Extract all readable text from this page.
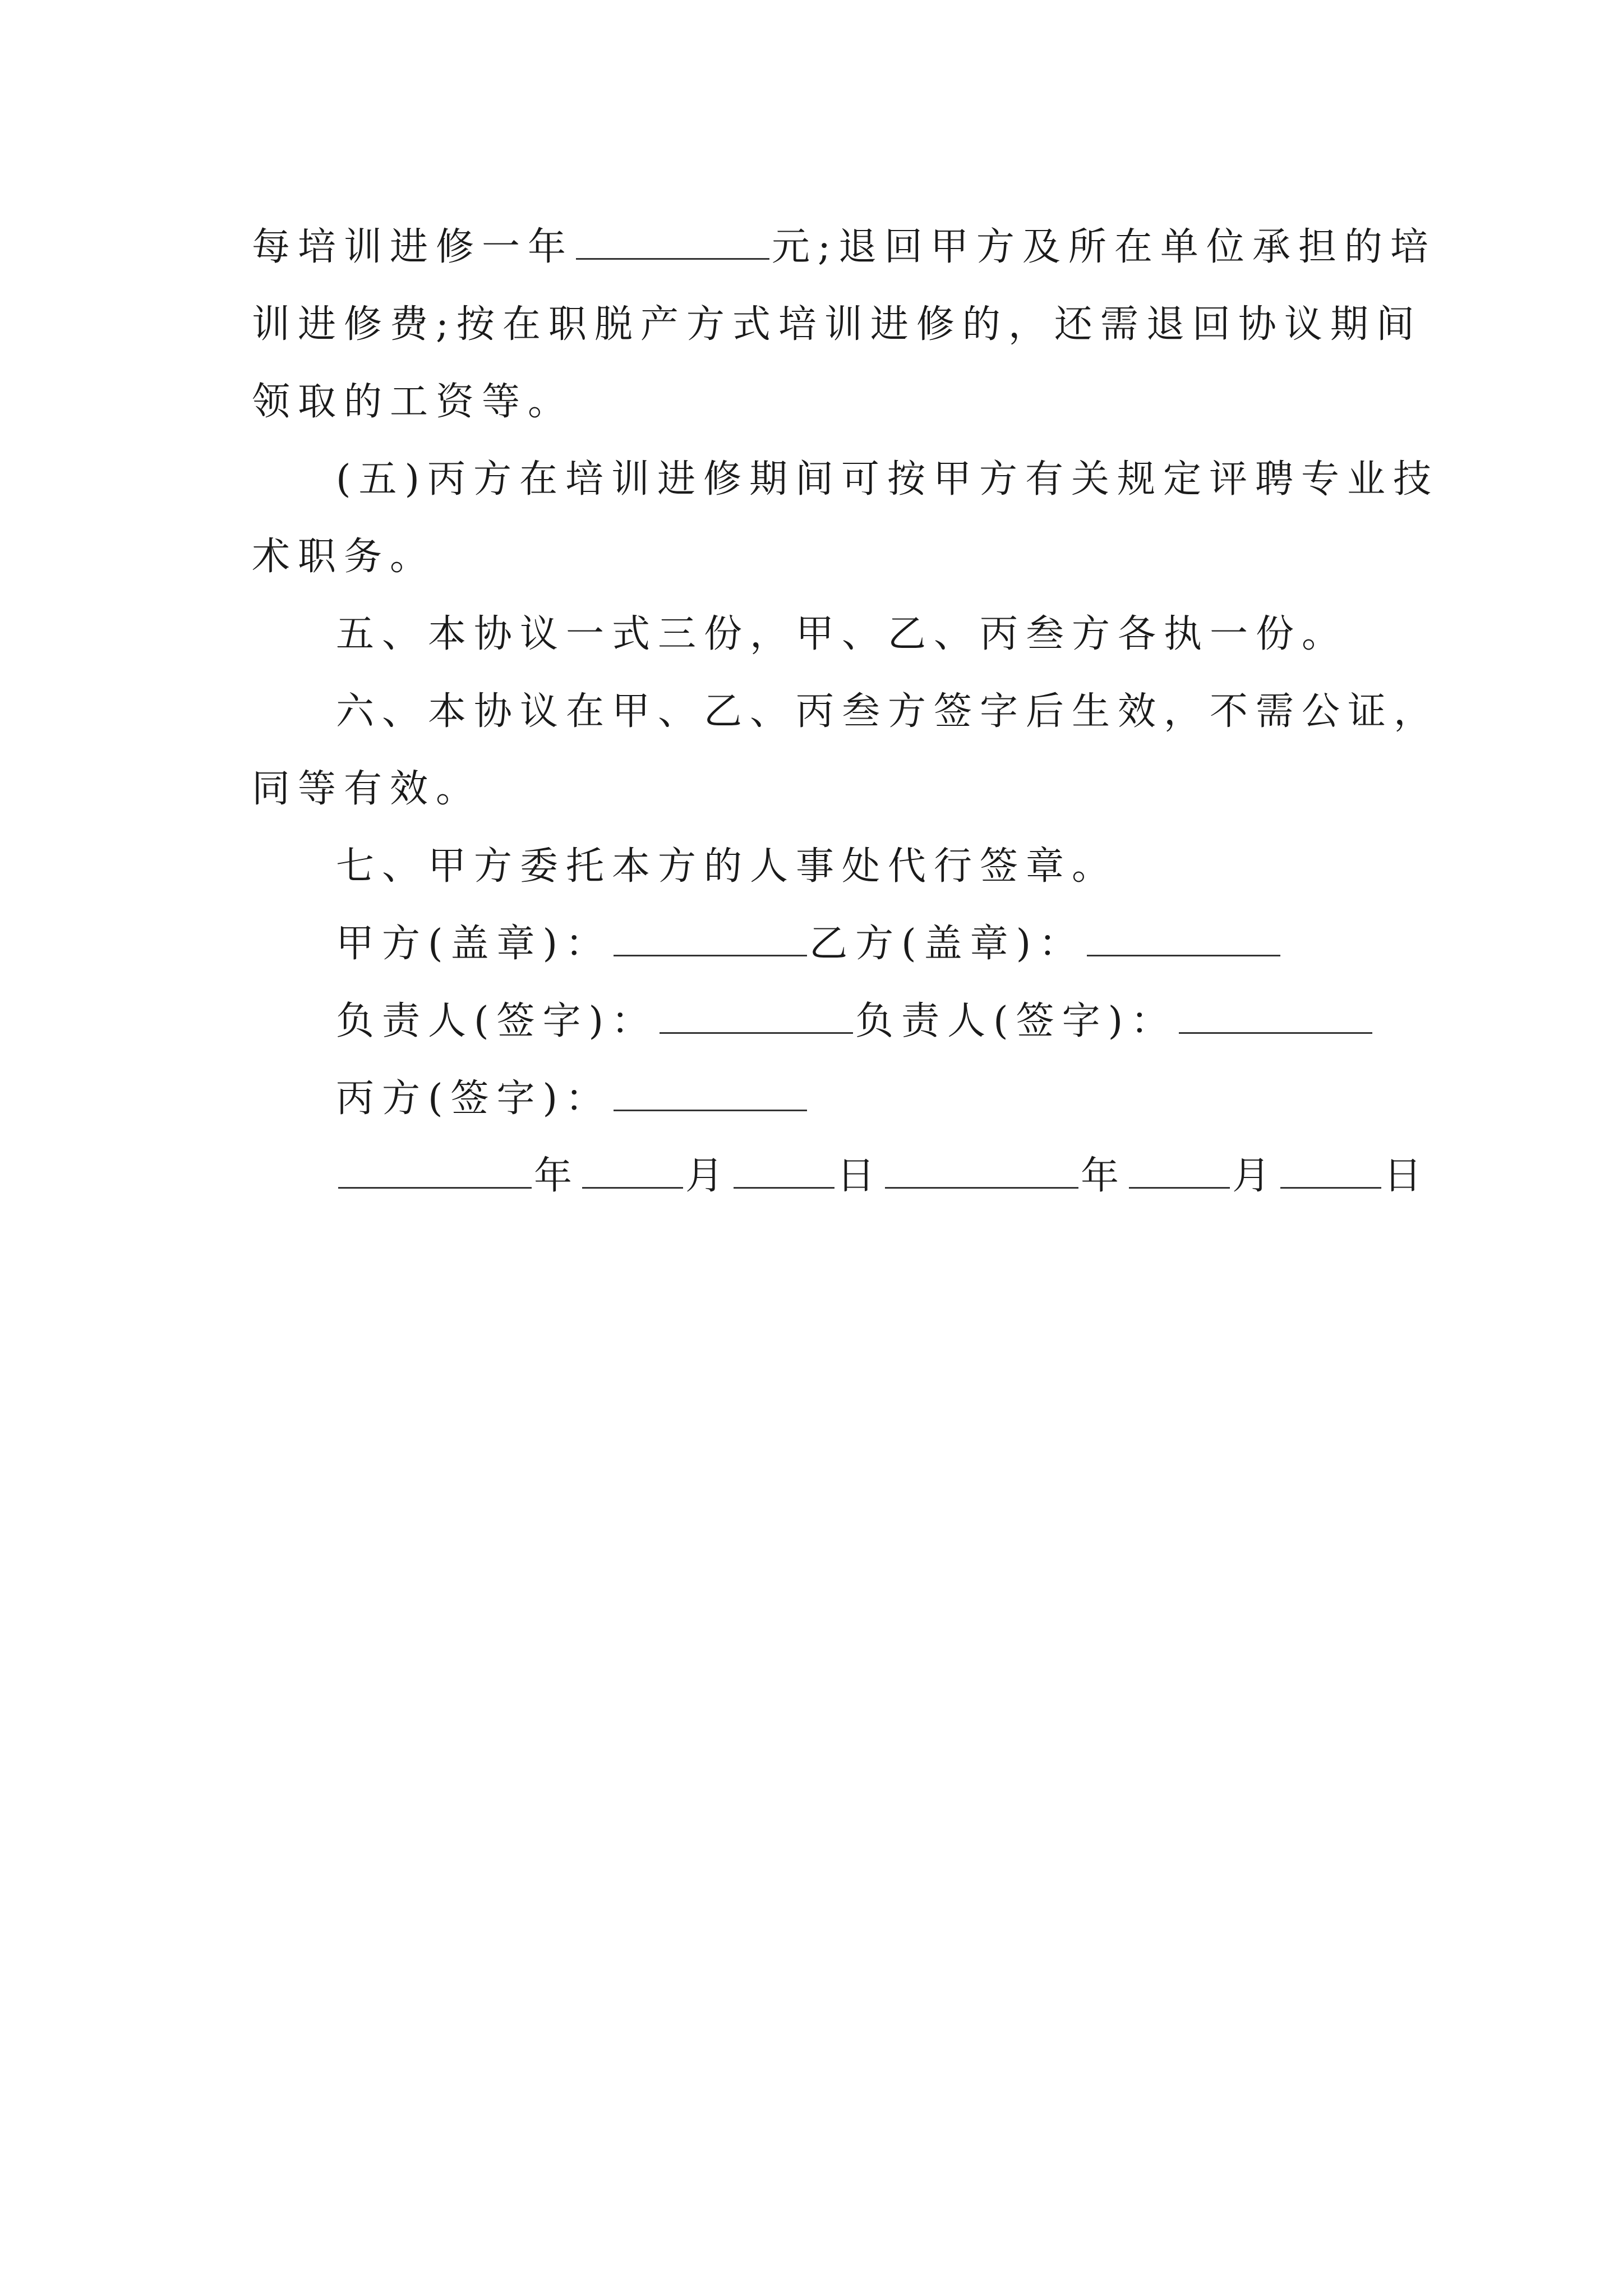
每培训进修一年	元;退回甲方及所在单位承担的培
训进修费;按在职脱产方式培训进修的，还需退回协议期间
领取的工资等。

(五)丙方在培训进修期间可按甲方有关规定评聘专业技
术职务。

五、本协议一式三份，甲、乙、丙叁方各执一份。

六、本协议在甲、乙、丙叁方签字后生效，不需公证，
同等有效。

七、甲方委托本方的人事处代行签章。

甲方(盖章)：	乙方(盖章)：
负责人(签字)：	负责人(签字)：
丙方(签字)：
年	月	日	年	月	日
